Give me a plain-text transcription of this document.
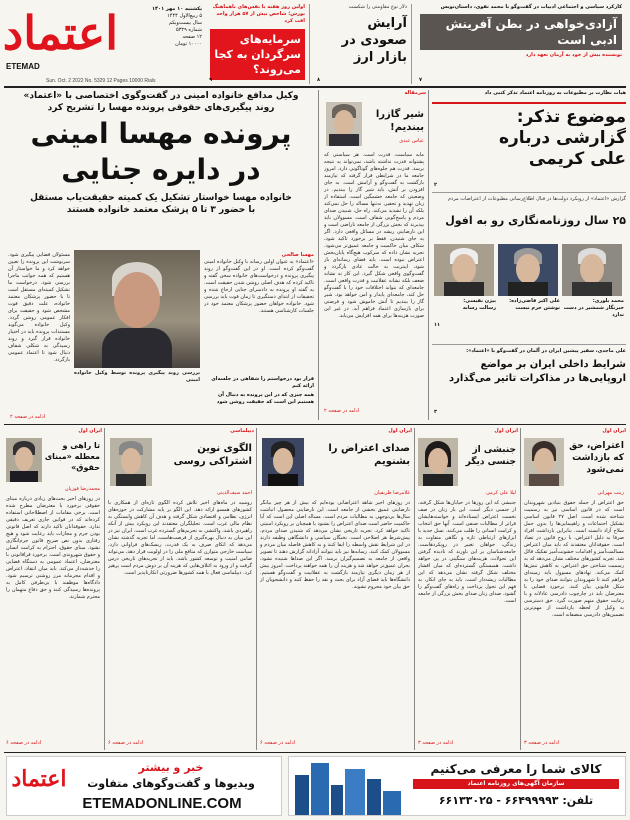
اعتماد
ETEMAD
یکشنبه ۱۰ مهر ۱۴۰۱
۵ ربیع‌الاول ۱۴۴۴
سال بیست‌ویکم
شماره ۵۳۲۹
۱۲ صفحه
۱۰۰۰۰ تومان
Sun. Oct. 2 2022 No. 5329 12 Pages 10000 Rials
اولین روز هفته با نفس‌های ناهماهنگ بورس؛ شاخص بیش از ۵۷ هزار واحد افت کرد
سرمایه‌های سرگردان به کجا می‌روند؟
۹
دلار نوع مقاومتی را شکست
آرایش صعودی در بازار ارز
۸
کارکرد سیاسی و اجتماعی ادبیات در گفت‌وگو با محمد تقوی، داستان‌نویس
آزادی‌خواهی در بطن آفرینش ادبی است
نویسنده بیش از خود به آرمان تعهد دارد
۷
وکیل مدافع خانواده امینی در گفت‌وگوی اختصاصی با «اعتماد»
روند پیگیری‌های حقوقی پرونده مهسا را تشریح کرد
پرونده مهسا امینی
در دایره جنایی
خانواده مهسا خواستار تشکیل یک کمیته حقیقت‌یاب مستقل
با حضور ۳ تا ۵ پزشک معتمد خانواده هستند
مسئولان قضایی پیگیری شود. سرنوشت این پرونده را تعیین خواهد کرد و ما خواستار آن هستیم که همه جوانب ماجرا بررسی شود. درخواست ما تشکیل کمیته‌ای مستقل است تا با حضور پزشکان معتمد خانواده، علت دقیق فوت مشخص شود و حقیقت برای افکار عمومی روشن گردد. وکیل خانواده می‌گوید مستندات پرونده باید در اختیار خانواده قرار گیرد و روند رسیدگی به شکلی شفاف دنبال شود تا اعتماد عمومی بازگردد.
مهسا صالحی
«اعتماد» به عنوان اولین رسانه با وکیل خانواده امینی گفت‌وگو کرده است. او در این گفت‌وگو از روند پیگیری پرونده و درخواست‌های خانواده سخن گفته و تاکید کرده که هدف اصلی روشن شدن حقیقت است. به گفته او پرونده به دادسرای جنایی ارجاع شده و تحقیقات از ابتدای دستگیری تا زمان فوت باید بررسی شود. خانواده خواهان حضور پزشکان معتمد خود در جلسات کارشناسی هستند.
بررسی روند پیگیری پرونده توسط وکیل خانواده امینی	قرار بود درخواستم را شفاهی در جلسه‌ای ارائه کنم
همه چیزی که در این پرونده به دنبال آن هستیم این است که حقیقت روشن شود
ادامه در صفحه ۲
سرمقاله
شیر گازرا ببندیم!
عباس عبدی
مایه سیاست، قدرت است. هر سیاستی که پشتوانه قدرت نداشته باشد، نمی‌تواند به نتیجه برسد. قدرت هم جلوه‌های گوناگونی دارد. امروز جامعه ما در شرایطی قرار گرفته که نیازمند بازگشت به گفت‌وگو و آرامش است. به جای افزودن بر آتش، باید شیر گاز را ببندیم. در وضعیتی که جامعه خشمگین است، استفاده از زبان تهدید و تحقیر، نه‌تنها مساله را حل نمی‌کند بلکه آن را تشدید می‌کند. راه حل، شنیدن صدای مردم و پاسخ‌گویی شفاف است. مسوولان باید بپذیرند که بخش بزرگی از جامعه ناراضی است و این نارضایتی ریشه در مسائل واقعی دارد. اگر به جای شنیدن، فقط بر برخورد تاکید شود، شکاف میان حاکمیت و جامعه عمیق‌تر می‌شود. تجربه نشان داده که سرکوب هیچ‌گاه پایان‌بخش اعتراض نبوده است. باید فضای رسانه‌ای باز شود، اینترنت به حالت عادی بازگردد و گفت‌وگوی واقعی شکل گیرد. این کار نه نشانه ضعف بلکه نشانه عقلانیت و قدرت واقعی است. جامعه‌ای که بتواند اختلافات خود را با گفت‌وگو حل کند، جامعه‌ای پایدار و امن خواهد بود. شیر گاز را ببندیم تا آتش خاموش شود و فرصتی برای بازسازی اعتماد فراهم آید. در غیر این صورت هزینه‌ها برای همه افزایش می‌یابد.
ادامه در صفحه ۲
هیات نظارت بر مطبوعات به روزنامه اعتماد تذکر کتبی داد
موضوع تذکر:
گزارشی درباره
علی کریمی
۲
گزارش «اعتماد» از رویکرد دولت‌ها در قبال اطلاع‌رسانی مطبوعات از اعتراضات مردم
۲۵ سال روزنامه‌نگاری رو به افول
محمد بلوری:
خبرنگار شمشیر در دست ندارد
علی اکبر قاضی‌زاده:
نوشتن جرم نیست
بیژن نفیسی:
رسالت رسانه
۱۱
علی ماجدی، سفیر پیشین ایران در آلمان در گفت‌وگو با «اعتماد»:
شرایط داخلی ایران بر مواضع
اروپایی‌ها در مذاکرات تاثیر می‌گذارد
۳
ایران اول
اعتراض، حق که بازداشت نمی‌شود
زینب مهرانی
حق اعتراض از جمله حقوق بنیادین شهروندان است که در قانون اساسی نیز به رسمیت شناخته شده است. اصل ۲۷ قانون اساسی تشکیل اجتماعات و راهپیمایی‌ها را بدون حمل سلاح آزاد دانسته است. بنابراین بازداشت افراد صرفا به دلیل اعتراض، با روح قانون در تضاد است. حقوقدانان معتقدند که باید میان اعتراض مسالمت‌آمیز و اقدامات خشونت‌آمیز تفکیک قائل شد. تجربه کشورهای مختلف نشان می‌دهد که به رسمیت شناختن حق اعتراض، به کاهش تنش‌ها کمک می‌کند. نهادهای مسوول باید زمینه‌ای فراهم کنند تا شهروندان بتوانند صدای خود را به شکل قانونی بیان کنند. برخورد قضایی با معترضان باید در چارچوب دادرسی عادلانه و با رعایت حقوق متهم صورت گیرد. حق دسترسی به وکیل از لحظه بازداشت از مهم‌ترین تضمین‌های دادرسی منصفانه است.
ادامه در صفحه ۳
ایران اول
جنبشی از جنسی دیگر
لیلا علی کرمی
جنبشی که این روزها در خیابان‌ها شکل گرفته، از جنسی دیگر است. این بار زنان در صف نخست اعتراض ایستاده‌اند و خواسته‌هایشان فراتر از مطالبات صنفی است. آنها حق انتخاب و کرامت انسانی را طلب می‌کنند. نسل جدید با ابزارهای ارتباطی تازه و نگاهی متفاوت به زندگی، خواهان تغییر در رویکردهاست. جامعه‌شناسان بر این باورند که نادیده گرفتن این تحولات، هزینه‌های سنگینی در پی خواهد داشت. همبستگی گسترده‌ای که میان اقشار مختلف شکل گرفته نشان می‌دهد که این مطالبات ریشه‌دار است. باید به جای انکار، به فهم این تحول پرداخت و راه‌های گفت‌وگو را گشود. صدای زنان صدای بخش بزرگی از جامعه است.
ادامه در صفحه ۳
ایران اول
صدای اعتراض را بشنویم
غلامرضا ظریفیان
در روزهای اخیر شاهد اعتراضاتی بوده‌ایم که بیش از هر چیز بیانگر نارضایتی عمیق بخشی از جامعه است. این نارضایتی محصول انباشت سال‌ها بی‌توجهی به مطالبات مردم است. مساله اصلی این است که آیا حاکمیت حاضر است صدای اعتراض را بشنود یا همچنان بر رویکرد امنیتی تاکید خواهد کرد. تجربه تاریخی نشان می‌دهد که شنیدن صدای مردم، پیش‌شرط هر اصلاحی است. نخبگان سیاسی و دانشگاهی وظیفه دارند در این شرایط نقش واسطه را ایفا کنند و به کاهش فاصله میان مردم و مسوولان کمک کنند. رسانه‌ها نیز باید بتوانند آزادانه گزارش دهند تا تصویر واقعی از جامعه به تصمیم‌گیران برسد. اگر این صداها شنیده نشود، بحران عمیق‌تر خواهد شد و هزینه آن را همه خواهند پرداخت. امروز بیش از هر زمان دیگری نیازمند بازگشت به عقلانیت و گفت‌وگو هستیم. دانشگاه‌ها باید فضای آزاد برای بحث و نقد را حفظ کنند و دانشجویان از حق بیان خود محروم نشوند.
ادامه در صفحه ۶
دیپلماسی
الگوی نوین اشتراکی روسی
احمد سیف‌الدینی
روسیه در ماه‌های اخیر تلاش کرده الگوی تازه‌ای از همکاری با کشورهای همسو ارائه دهد. این الگو بر پایه مشارکت در حوزه‌های انرژی، نظامی و اقتصادی شکل گرفته و هدف آن کاهش وابستگی به نظام مالی غرب است. تحلیلگران معتقدند این رویکرد بیش از آنکه راهبردی باشد، واکنشی به تحریم‌های گسترده غرب است. ایران نیز در این میان به دنبال بهره‌گیری از فرصت‌هاست، اما تجربه گذشته نشان می‌دهد که اتکای صرف به یک قدرت، ریسک‌های فراوانی دارد. سیاست خارجی متوازن که منافع ملی را در اولویت قرار دهد، می‌تواند ضامن امنیت و توسعه کشور باشد. باید از تجربه‌های تاریخی درس گرفت و از ورود به ائتلاف‌هایی که هزینه آن بر دوش مردم است پرهیز کرد. دیپلماسی فعال با همه کشورها ضرورتی انکارناپذیر است.
ادامه در صفحه ۶
ایران اول
تا راهی و معطله «مبنای حقوق»
محمدرضا قوزیان
در روزهای اخیر بحث‌های زیادی درباره مبنای حقوقی برخورد با معترضان مطرح شده است. برخی مقامات از اصطلاحاتی استفاده کرده‌اند که در قوانین جاری تعریف دقیقی ندارد. حقوقدانان تاکید دارند که اصل قانونی بودن جرم و مجازات باید رعایت شود و هیچ رفتاری بدون نص صریح قانون جرم‌انگاری نشود. مبنای حقوق، احترام به کرامت انسان و حقوق شهروندی است. برخورد فراقانونی با معترضان، اعتماد عمومی به دستگاه قضایی را خدشه‌دار می‌کند. باید میان انتقاد، اعتراض و اقدام مجرمانه مرز روشنی ترسیم شود. دادگاه‌ها موظفند با بی‌طرفی کامل به پرونده‌ها رسیدگی کنند و حق دفاع متهمان را محترم شمارند.
ادامه در صفحه ۶
اعتماد	خبر و بیشتر
ویدیوها و گفت‌وگوهای متفاوت
ETEMADONLINE.COM
کالای شما را معرفی می‌کنیم
سازمان آگهی‌های روزنامه اعتماد
تلفن: ۶۶۴۹۹۹۹۳ - ۶۶۱۳۳۰۲۵
